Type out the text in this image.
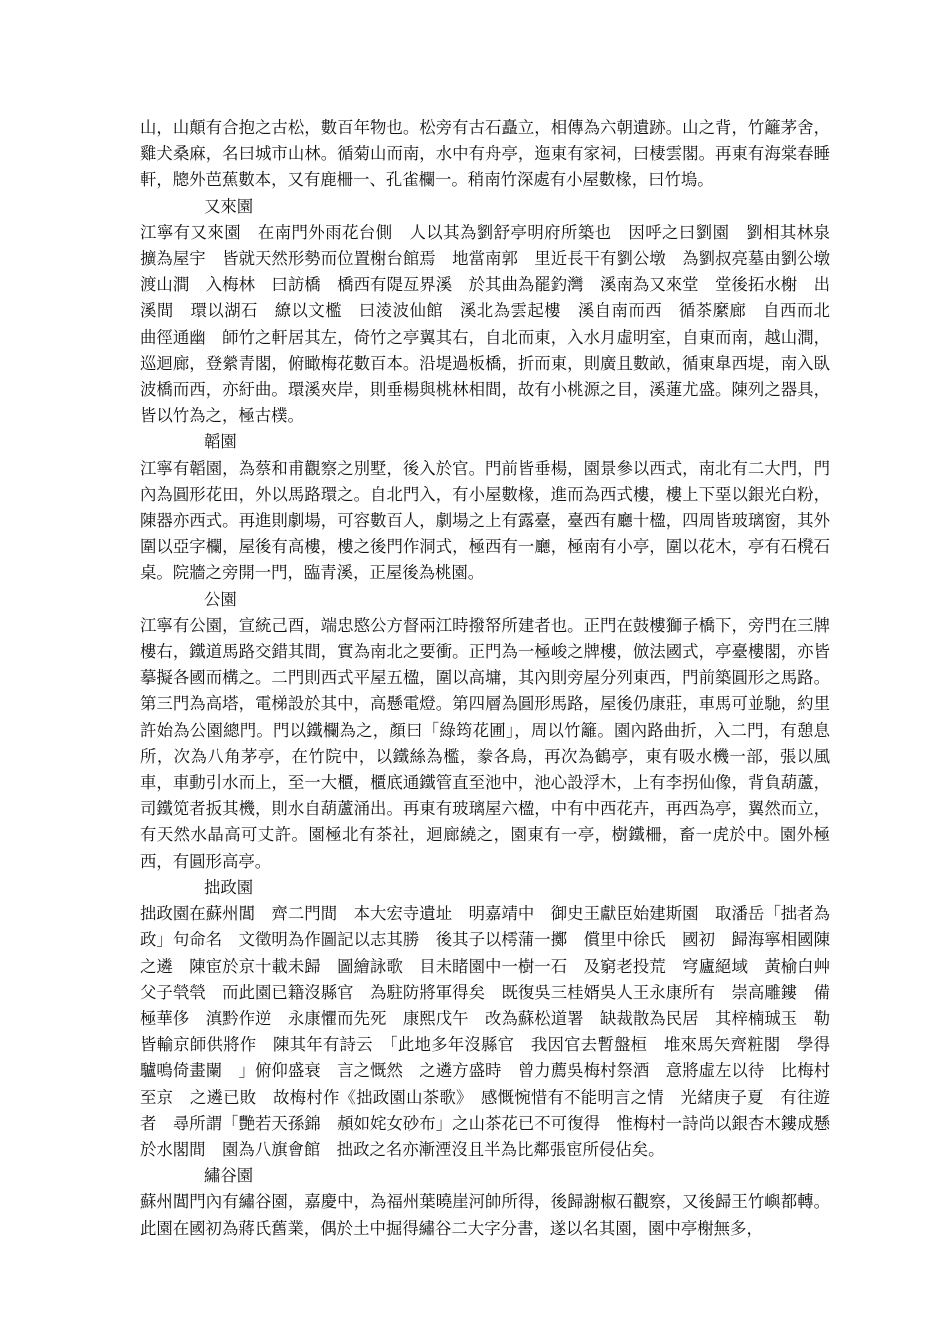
山，山顛有合抱之古松，數百年物也。松旁有古石矗立，相傳為六朝遺跡。山之背，竹籬茅舍，雞犬桑麻，名曰城市山林。循菊山而南，水中有舟亭，迤東有家祠，曰棲雲閣。再東有海棠春睡軒，牕外芭蕉數本，又有鹿柵一、孔雀欄一。稍南竹深處有小屋數椽，曰竹塢。

又來園

江寧有又來園　在南門外雨花台側　人以其為劉舒亭明府所築也　因呼之曰劉園　劉相其林泉　擴為屋宇　皆就天然形勢而位置榭台館焉　地當南郭　里近長干有劉公墩　為劉叔亮墓由劉公墩渡山澗　入梅林　曰訪橋　橋西有隄亙界溪　於其曲為罷釣灣　溪南為又來堂　堂後拓水榭　出溪間　環以湖石　繚以文檻　曰淩波仙館　溪北為雲起樓　溪自南而西　循茶縻廊　自西而北　曲徑通幽　師竹之軒居其左，倚竹之亭翼其右，自北而東，入水月虛明室，自東而南，越山澗，巡迴廊，登縈青閣，俯瞰梅花數百本。沿堤過板橋，折而東，則廣且數畝，循東臯西堤，南入臥波橋而西，亦紆曲。環溪夾岸，則垂楊與桃林相間，故有小桃源之目，溪蓮尤盛。陳列之器具，皆以竹為之，極古樸。

韜園

江寧有韜園，為蔡和甫觀察之別墅，後入於官。門前皆垂楊，園景參以西式，南北有二大門，門內為圓形花田，外以馬路環之。自北門入，有小屋數椽，進而為西式樓，樓上下堊以銀光白粉，陳器亦西式。再進則劇場，可容數百人，劇場之上有露臺，臺西有廳十楹，四周皆玻璃窗，其外圍以亞字欄，屋後有高樓，樓之後門作洞式，極西有一廳，極南有小亭，圍以花木，亭有石櫈石桌。院牆之旁開一門，臨青溪，正屋後為桃園。

公園

江寧有公園，宣統己酉，端忠愍公方督兩江時撥帑所建者也。正門在鼓樓獅子橋下，旁門在三牌樓右，鐵道馬路交錯其間，實為南北之要衝。正門為一極峻之牌樓，倣法國式，亭臺樓閣，亦皆摹擬各國而構之。二門則西式平屋五楹，圍以高墉，其內則旁屋分列東西，門前築圓形之馬路。第三門為高塔，電梯設於其中，高懸電燈。第四層為圓形馬路，屋後仍康莊，車馬可並馳，約里許始為公園總門。門以鐵欄為之，顏曰「綠筠花圃」，周以竹籬。園內路曲折，入二門，有憩息所，次為八角茅亭，在竹院中，以鐵絲為檻，豢各鳥，再次為鶴亭，東有吸水機一部，張以風車，車動引水而上，至一大櫃，櫃底通鐵管直至池中，池心設浮木，上有李拐仙像，背負葫蘆，司鐵笕者扳其機，則水自葫蘆涌出。再東有玻璃屋六楹，中有中西花卉，再西為亭，翼然而立，有天然水晶高可丈許。園極北有茶社，迴廊繞之，園東有一亭，樹鐵柵，畜一虎於中。園外極西，有圓形高亭。

拙政園

拙政園在蘇州閶　齊二門間　本大宏寺遺址　明嘉靖中　御史王獻臣始建斯園　取潘岳「拙者為政」句命名　文徵明為作圖記以志其勝　後其子以樗蒲一擲　償里中徐氏　國初　歸海寧相國陳之遴　陳宦於京十載未歸　圖繪詠歌　目未睹園中一樹一石　及窮老投荒　穹廬絕域　黃榆白艸　父子煢煢　而此園已籍沒縣官　為駐防將軍得矣　既復吳三桂婿吳人王永康所有　崇高雕鏤　備極華侈　滇黔作逆　永康懼而先死　康熙戊午　改為蘇松道署　缺裁散為民居　其梓楠珹玉　勒皆輸京師供將作　陳其年有詩云　「此地多年沒縣官　我因官去暫盤桓　堆來馬矢齊粧閣　學得驢鳴倚畫闌　」俯仰盛衰　言之慨然　之遴方盛時　曾力薦吳梅村祭酒　意將虛左以待　比梅村至京　之遴已敗　故梅村作《拙政園山茶歌》　感慨惋惜有不能明言之情　光緒庚子夏　有往遊者　尋所謂「艷若天孫錦　頳如姹女砂布」之山茶花已不可復得　惟梅村一詩尚以銀杏木鏤成懸於水閣間　園為八旗會館　拙政之名亦漸湮沒且半為比鄰張宦所侵佔矣。

繡谷園

蘇州閶門內有繡谷園，嘉慶中，為福州葉曉崖河帥所得，後歸謝椒石觀察，又後歸王竹嶼都轉。此園在國初為蔣氏舊業，偶於土中掘得繡谷二大字分書，遂以名其園，園中亭榭無多，
